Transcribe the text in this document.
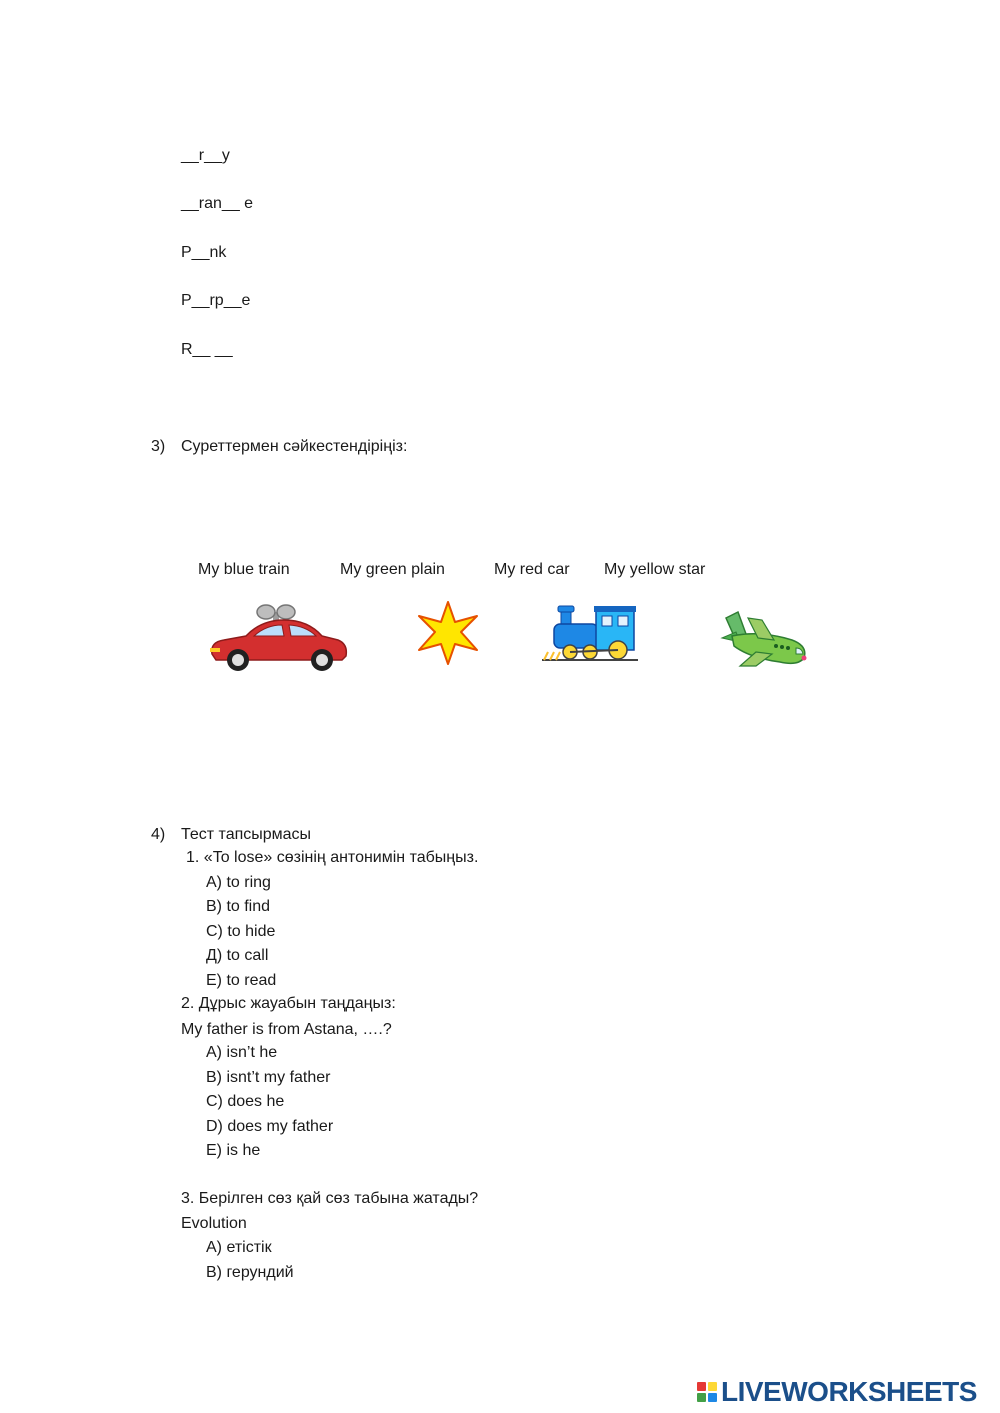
__r__y
__ran__ e
P__nk
P__rp__e
R__ __
3) Суреттермен сәйкестендіріңіз:
My blue train	My green plain	My red car My yellow star
4) Тест тапсырмасы
1. «To lose» сөзінің антонимін табыңыз.
A) to ring
B) to find
C) to hide
Д) to call
E) to read
2. Дұрыс жауабын таңдаңыз:
My father is from Astana, ….?
A) isn’t he
B) isnt’t my father
C) does he
D) does my father
E) is he
3. Берілген сөз қай сөз табына жатады?
Evolution
A) етістік
B) герундий
LIVEWORKSHEETS
